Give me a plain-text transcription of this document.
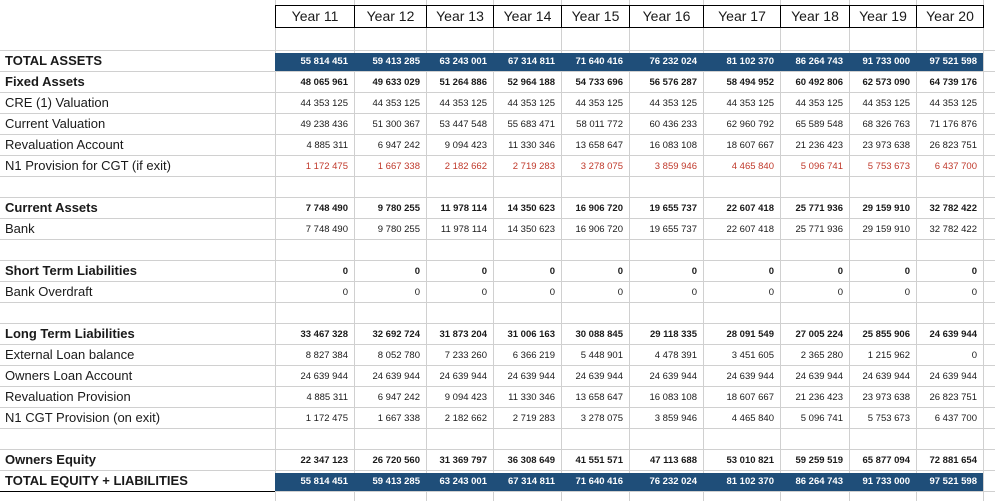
Year 11	Year 12	Year 13	Year 14	Year 15	Year 16	Year 17	Year 18	Year 19	Year 20
TOTAL ASSETS	55 814 451	59 413 285	63 243 001	67 314 811	71 640 416	76 232 024	81 102 370	86 264 743	91 733 000	97 521 598
Fixed Assets	48 065 961	49 633 029	51 264 886	52 964 188	54 733 696	56 576 287	58 494 952	60 492 806	62 573 090	64 739 176
CRE (1) Valuation	44 353 125	44 353 125	44 353 125	44 353 125	44 353 125	44 353 125	44 353 125	44 353 125	44 353 125	44 353 125
Current Valuation	49 238 436	51 300 367	53 447 548	55 683 471	58 011 772	60 436 233	62 960 792	65 589 548	68 326 763	71 176 876
Revaluation Account	4 885 311	6 947 242	9 094 423	11 330 346	13 658 647	16 083 108	18 607 667	21 236 423	23 973 638	26 823 751
N1 Provision for CGT (if exit)	1 172 475	1 667 338	2 182 662	2 719 283	3 278 075	3 859 946	4 465 840	5 096 741	5 753 673	6 437 700
Current Assets	7 748 490	9 780 255	11 978 114	14 350 623	16 906 720	19 655 737	22 607 418	25 771 936	29 159 910	32 782 422
Bank	7 748 490	9 780 255	11 978 114	14 350 623	16 906 720	19 655 737	22 607 418	25 771 936	29 159 910	32 782 422
Short Term Liabilities	0	0	0	0	0	0	0	0	0	0
Bank Overdraft	0	0	0	0	0	0	0	0	0	0
Long Term Liabilities	33 467 328	32 692 724	31 873 204	31 006 163	30 088 845	29 118 335	28 091 549	27 005 224	25 855 906	24 639 944
External Loan balance	8 827 384	8 052 780	7 233 260	6 366 219	5 448 901	4 478 391	3 451 605	2 365 280	1 215 962	0
Owners Loan Account	24 639 944	24 639 944	24 639 944	24 639 944	24 639 944	24 639 944	24 639 944	24 639 944	24 639 944	24 639 944
Revaluation Provision	4 885 311	6 947 242	9 094 423	11 330 346	13 658 647	16 083 108	18 607 667	21 236 423	23 973 638	26 823 751
N1 CGT Provision (on exit)	1 172 475	1 667 338	2 182 662	2 719 283	3 278 075	3 859 946	4 465 840	5 096 741	5 753 673	6 437 700
Owners Equity	22 347 123	26 720 560	31 369 797	36 308 649	41 551 571	47 113 688	53 010 821	59 259 519	65 877 094	72 881 654
TOTAL EQUITY + LIABILITIES	55 814 451	59 413 285	63 243 001	67 314 811	71 640 416	76 232 024	81 102 370	86 264 743	91 733 000	97 521 598
